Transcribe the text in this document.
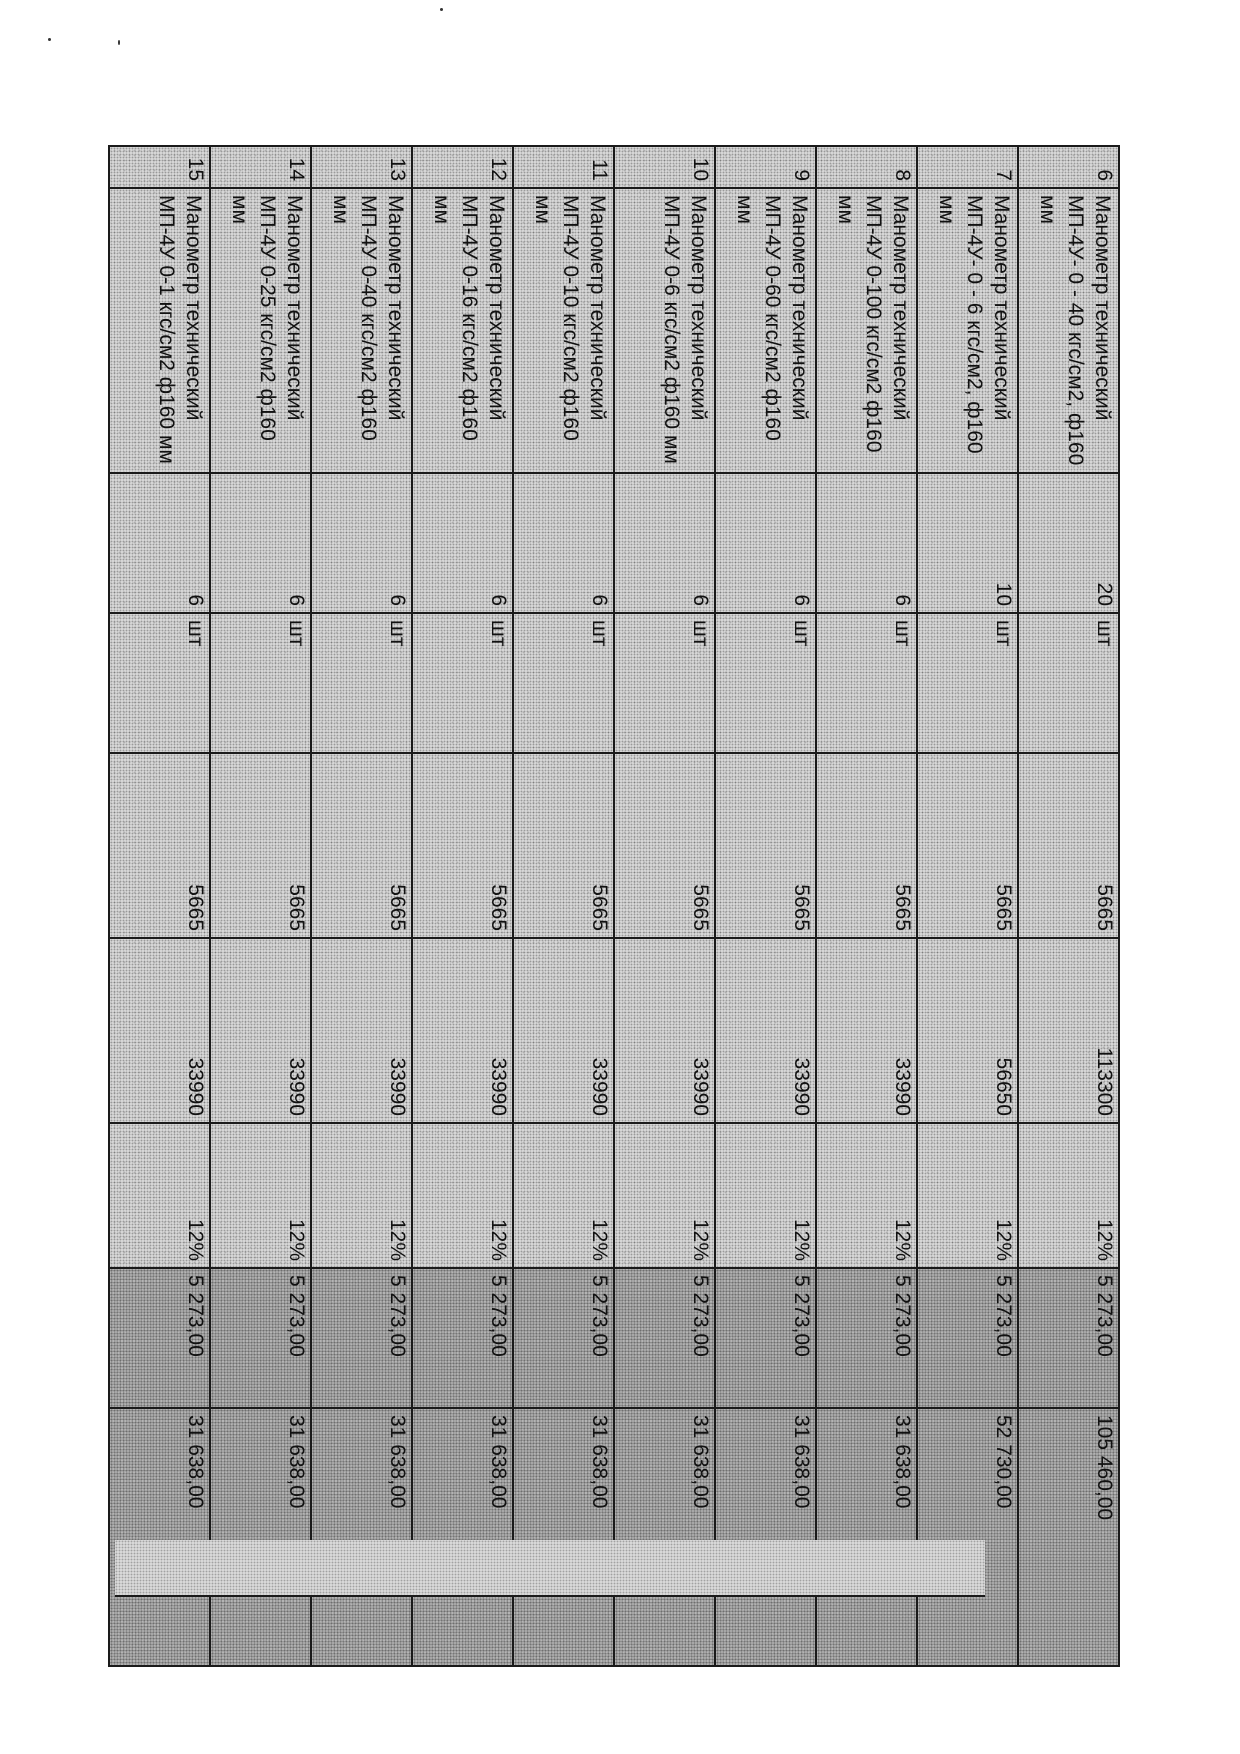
6	Манометр технический МП-4У- 0 - 40 кгс/см2, ф160 мм	20	шт	5665	113300	12%	5 273,00	105 460,00
7	Манометр технический МП-4У- 0 - 6 кгс/см2, ф160 мм	10	шт	5665	56650	12%	5 273,00	52 730,00
8	Манометр технический МП-4У 0-100 кгс/см2 ф160 мм	6	шт	5665	33990	12%	5 273,00	31 638,00
9	Манометр технический МП-4У 0-60 кгс/см2 ф160 мм	6	шт	5665	33990	12%	5 273,00	31 638,00
10	Манометр технический МП-4У 0-6 кгс/см2 ф160 мм	6	шт	5665	33990	12%	5 273,00	31 638,00
11	Манометр технический МП-4У 0-10 кгс/см2 ф160 мм	6	шт	5665	33990	12%	5 273,00	31 638,00
12	Манометр технический МП-4У 0-16 кгс/см2 ф160 мм	6	шт	5665	33990	12%	5 273,00	31 638,00
13	Манометр технический МП-4У 0-40 кгс/см2 ф160 мм	6	шт	5665	33990	12%	5 273,00	31 638,00
14	Манометр технический МП-4У 0-25 кгс/см2 ф160 мм	6	шт	5665	33990	12%	5 273,00	31 638,00
15	Манометр технический МП-4У 0-1 кгс/см2 ф160 мм	6	шт	5665	33990	12%	5 273,00	31 638,00
